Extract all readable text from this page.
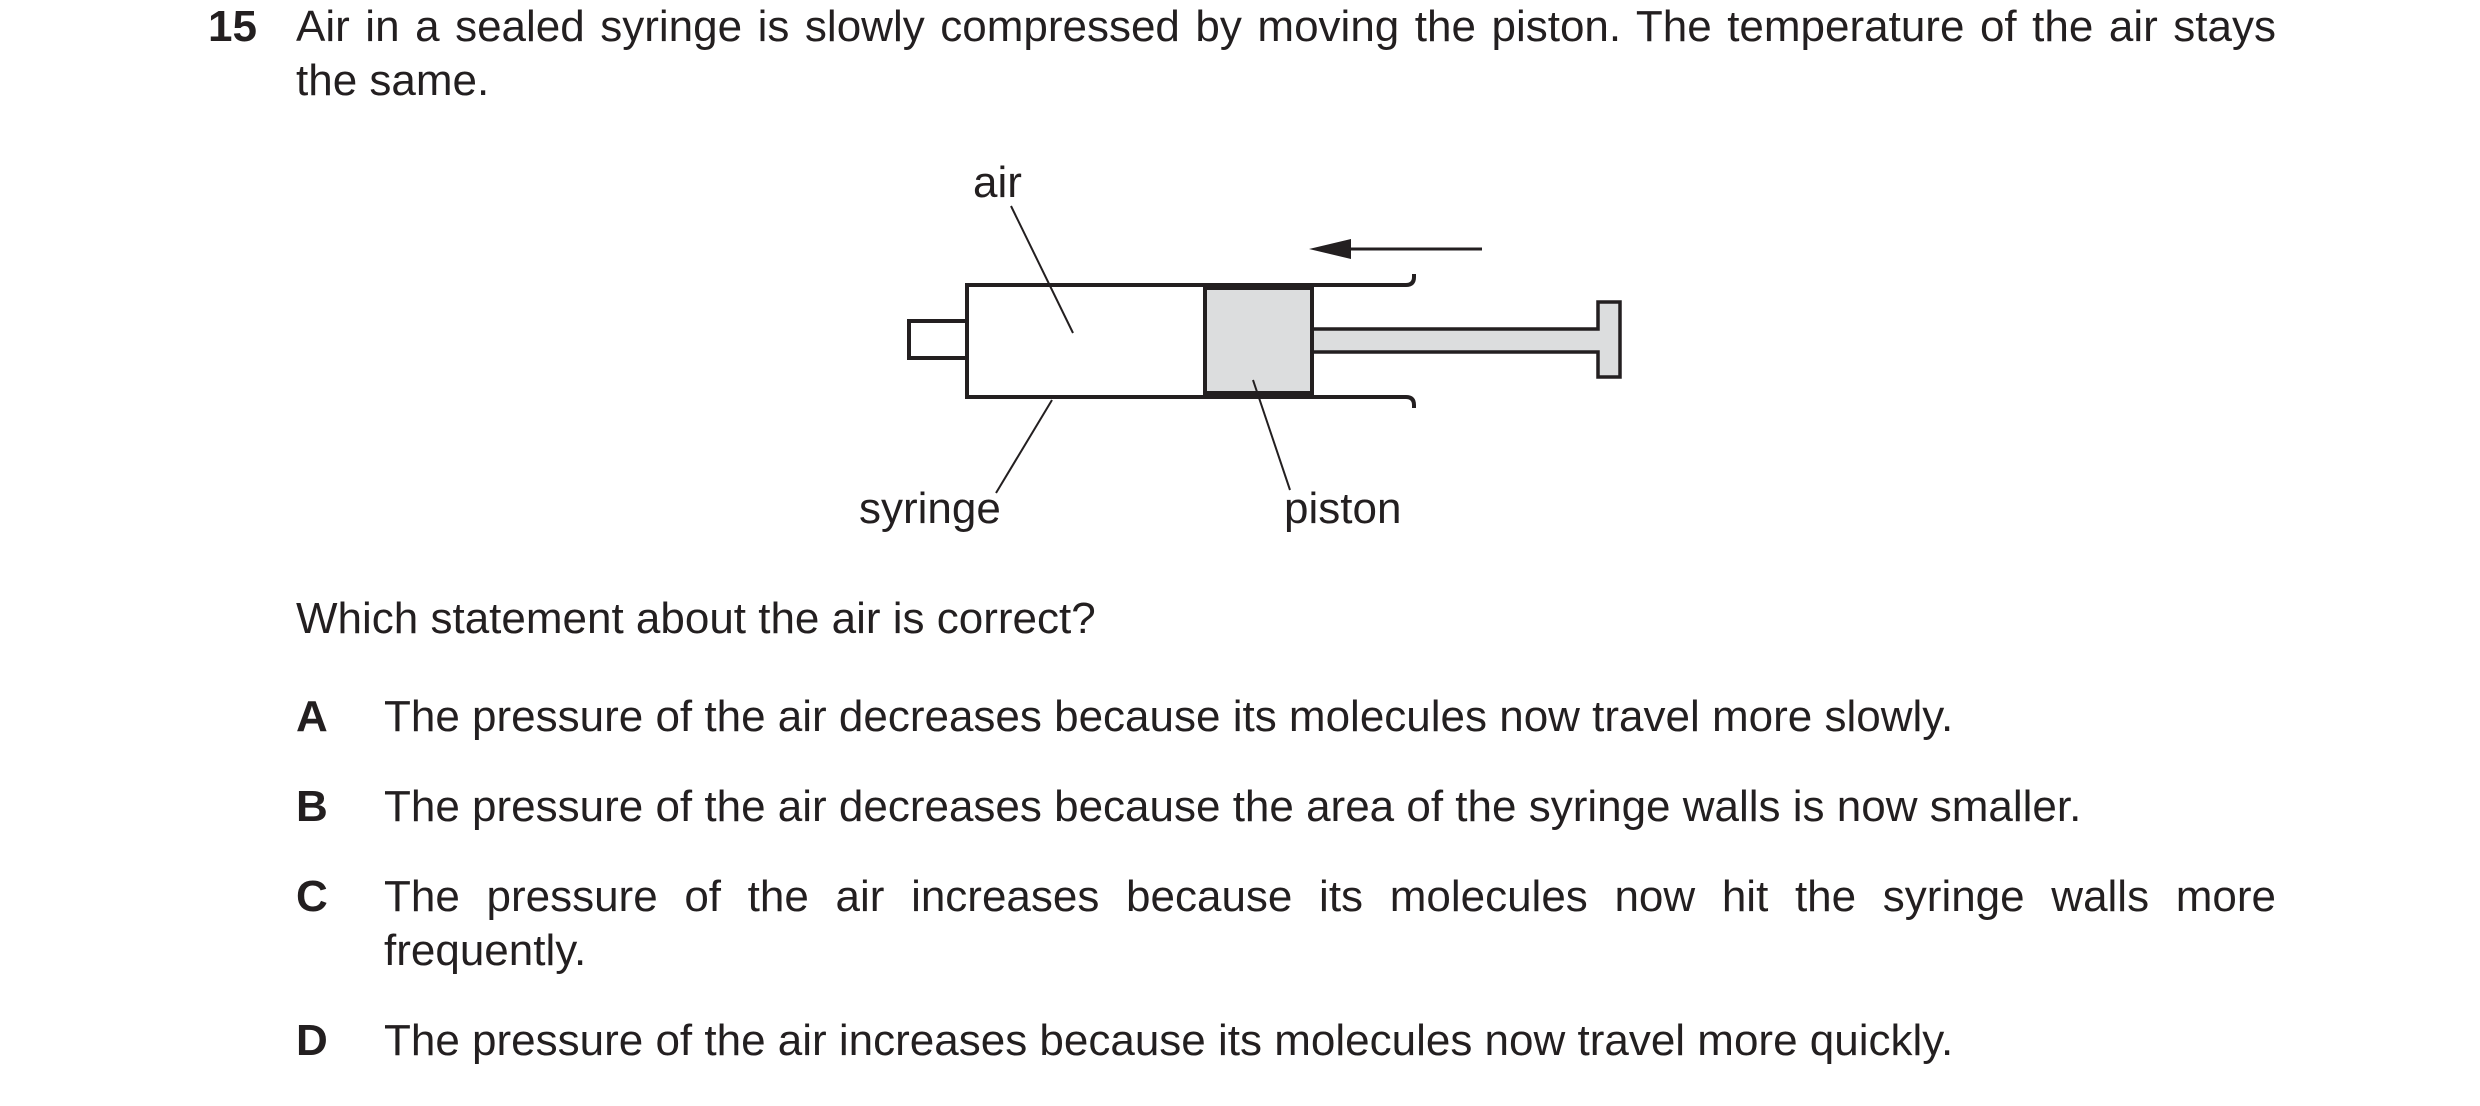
15 Air in a sealed syringe is slowly compressed by moving the piston. The temperature of the air stays the same.

air
syringe	piston

Which statement about the air is correct?

A The pressure of the air decreases because its molecules now travel more slowly.

B The pressure of the air decreases because the area of the syringe walls is now smaller.

C The pressure of the air increases because its molecules now hit the syringe walls more frequently.

D The pressure of the air increases because its molecules now travel more quickly.
